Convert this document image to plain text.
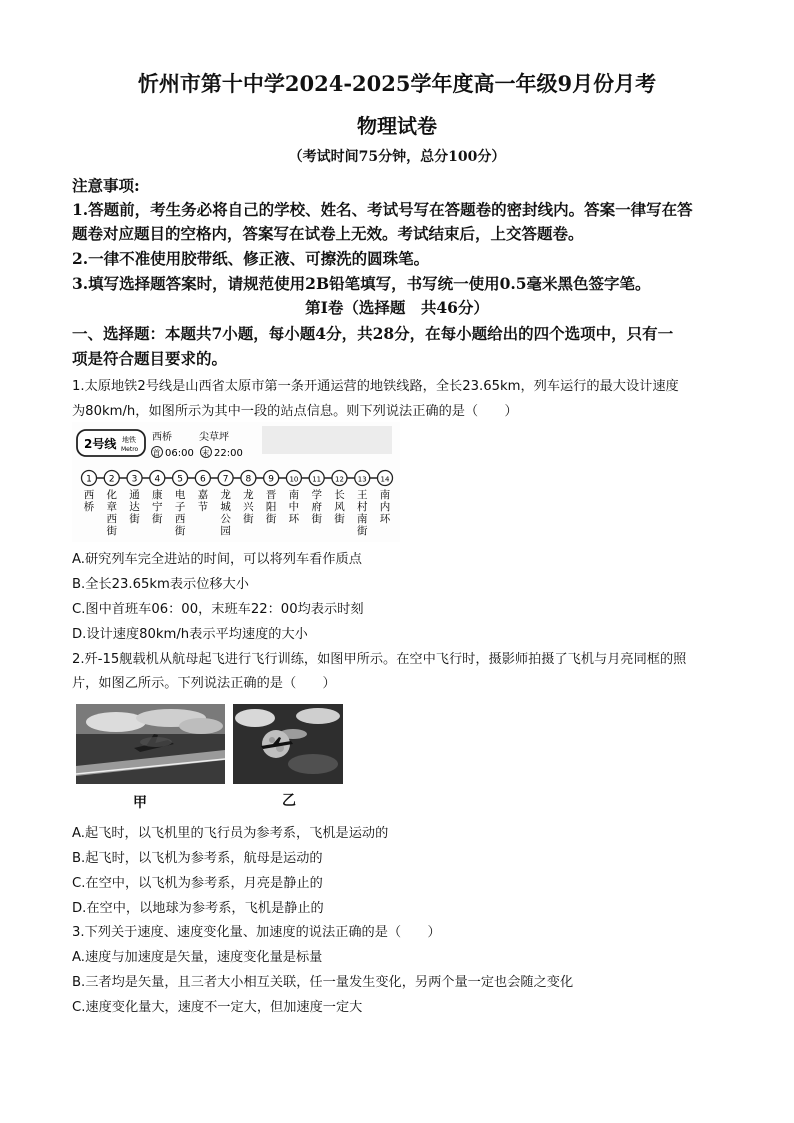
忻州市第十中学2024-2025学年度高一年级9月份月考
物理试卷
（考试时间75分钟，总分100分）
注意事项:
1.答题前，考生务必将自己的学校、姓名、考试号写在答题卷的密封线内。答案一律写在答
题卷对应题目的空格内，答案写在试卷上无效。考试结束后，上交答题卷。
2.一律不准使用胶带纸、修正液、可擦洗的圆珠笔。
3.填写选择题答案时，请规范使用2B铅笔填写，书写统一使用0.5毫米黑色签字笔。
第Ⅰ卷（选择题　共46分）
一、选择题：本题共7小题，每小题4分，共28分，在每小题给出的四个选项中，只有一
项是符合题目要求的。
1.太原地铁2号线是山西省太原市第一条开通运营的地铁线路，全长23.65km，列车运行的最大设计速度
为80km/h，如图所示为其中一段的站点信息。则下列说法正确的是（　　）
2号线 地铁
Metro
西桥	尖草坪
首 06:00 末 22:00
1
西
桥
2
化
章
西
街
3
通
达
街
4
康
宁
街
5
电
子
西
街
6
嘉
节
7
龙
城
公
园
8
龙
兴
街
9
晋
阳
街
10
南
中
环
11
学
府
街
12
长
风
街
13
王
村
南
街
14
南
内
环
A.研究列车完全进站的时间，可以将列车看作质点
B.全长23.65km表示位移大小
C.图中首班车06：00，末班车22：00均表示时刻
D.设计速度80km/h表示平均速度的大小
2.歼-15舰载机从航母起飞进行飞行训练，如图甲所示。在空中飞行时，摄影师拍摄了飞机与月亮同框的照
片，如图乙所示。下列说法正确的是（　　）
甲	乙
A.起飞时，以飞机里的飞行员为参考系，飞机是运动的
B.起飞时，以飞机为参考系，航母是运动的
C.在空中，以飞机为参考系，月亮是静止的
D.在空中，以地球为参考系，飞机是静止的
3.下列关于速度、速度变化量、加速度的说法正确的是（　　）
A.速度与加速度是矢量，速度变化量是标量
B.三者均是矢量，且三者大小相互关联，任一量发生变化，另两个量一定也会随之变化
C.速度变化量大，速度不一定大，但加速度一定大
